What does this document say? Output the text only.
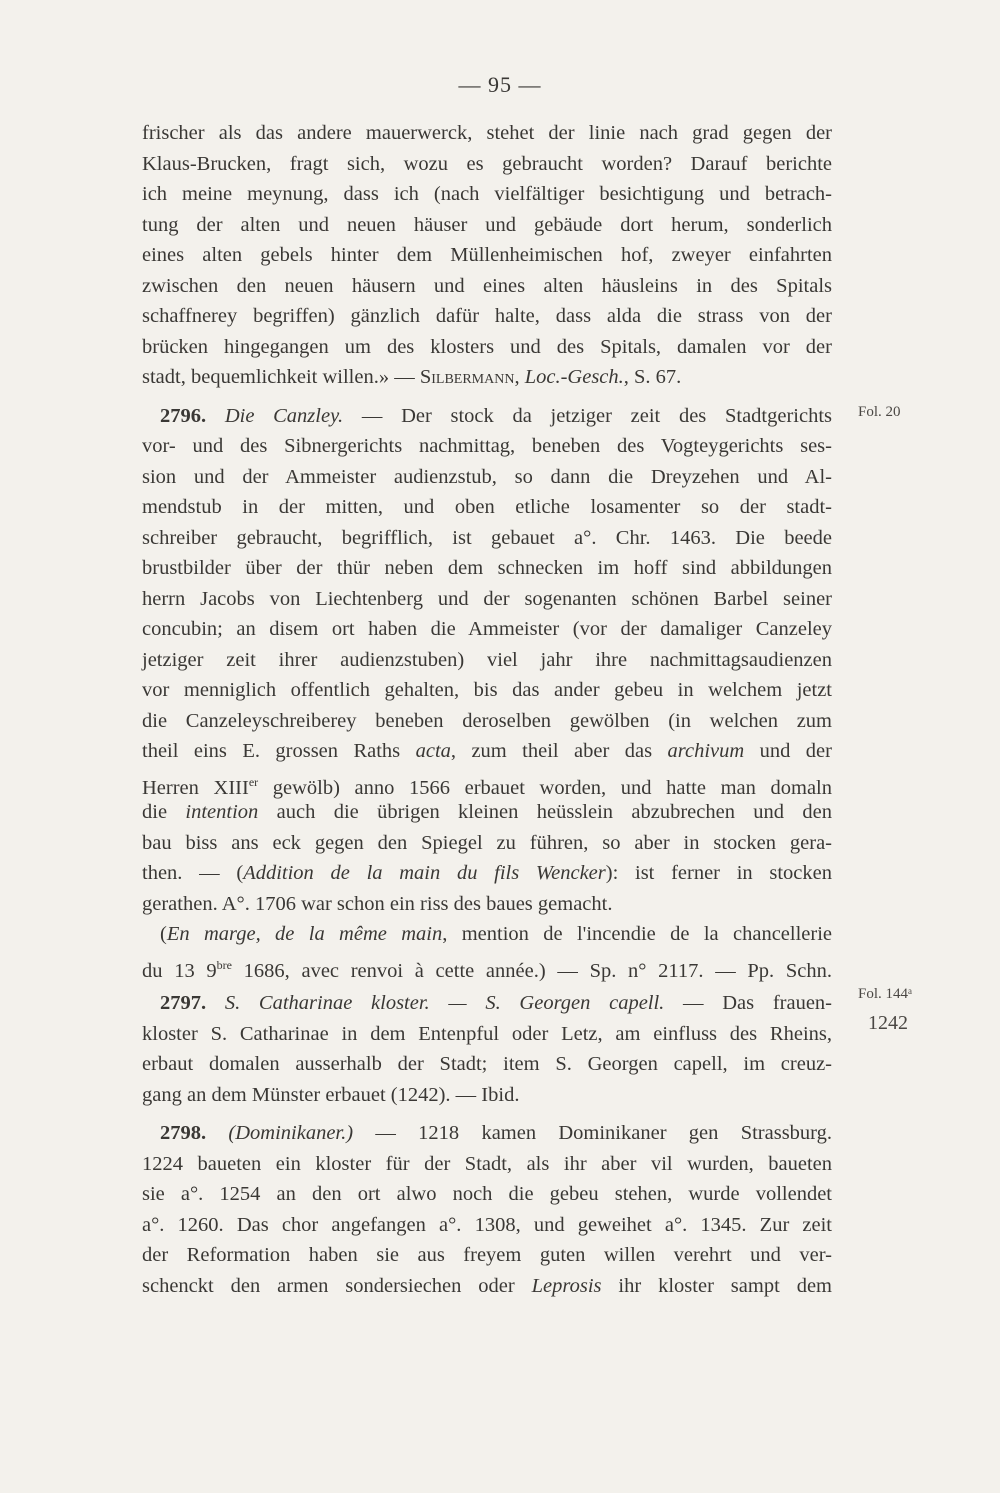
— 95 —
frischer als das andere mauerwerck, stehet der linie nach grad gegen der
Klaus-Brucken, fragt sich, wozu es gebraucht worden? Darauf berichte
ich meine meynung, dass ich (nach vielfältiger besichtigung und betrach-
tung der alten und neuen häuser und gebäude dort herum, sonderlich
eines alten gebels hinter dem Müllenheimischen hof, zweyer einfahrten
zwischen den neuen häusern und eines alten häusleins in des Spitals
schaffnerey begriffen) gänzlich dafür halte, dass alda die strass von der
brücken hingegangen um des klosters und des Spitals, damalen vor der
stadt, bequemlichkeit willen.» — Silbermann, Loc.-Gesch., S. 67.
2796. Die Canzley. — Der stock da jetziger zeit des Stadtgerichts
vor- und des Sibnergerichts nachmittag, beneben des Vogteygerichts ses-
sion und der Ammeister audienzstub, so dann die Dreyzehen und Al-
mendstub in der mitten, und oben etliche losamenter so der stadt-
schreiber gebraucht, begrifflich, ist gebauet a°. Chr. 1463. Die beede
brustbilder über der thür neben dem schnecken im hoff sind abbildungen
herrn Jacobs von Liechtenberg und der sogenanten schönen Barbel seiner
concubin; an disem ort haben die Ammeister (vor der damaliger Canzeley
jetziger zeit ihrer audienzstuben) viel jahr ihre nachmittagsaudienzen
vor menniglich offentlich gehalten, bis das ander gebeu in welchem jetzt
die Canzeleyschreiberey beneben deroselben gewölben (in welchen zum
theil eins E. grossen Raths acta, zum theil aber das archivum und der
Herren XIIIer gewölb) anno 1566 erbauet worden, und hatte man domaln
die intention auch die übrigen kleinen heüsslein abzubrechen und den
bau biss ans eck gegen den Spiegel zu führen, so aber in stocken gera-
then. — (Addition de la main du fils Wencker): ist ferner in stocken
gerathen. A°. 1706 war schon ein riss des baues gemacht.
(En marge, de la même main, mention de l'incendie de la chancellerie
du 13 $9^{bre}$ 1686, avec renvoi à cette année.) — Sp. n° 2117. — Pp. Schn.
2797. S. Catharinae kloster. — S. Georgen capell. — Das frauen-
kloster S. Catharinae in dem Entenpful oder Letz, am einfluss des Rheins,
erbaut domalen ausserhalb der Stadt; item S. Georgen capell, im creuz-
gang an dem Münster erbauet (1242). — Ibid.
2798. (Dominikaner.) — 1218 kamen Dominikaner gen Strassburg.
1224 baueten ein kloster für der Stadt, als ihr aber vil wurden, baueten
sie a°. 1254 an den ort alwo noch die gebeu stehen, wurde vollendet
a°. 1260. Das chor angefangen a°. 1308, und geweihet a°. 1345. Zur zeit
der Reformation haben sie aus freyem guten willen verehrt und ver-
schenckt den armen sondersiechen oder Leprosis ihr kloster sampt dem
Fol. 20
Fol. 144ᵃ
1242
